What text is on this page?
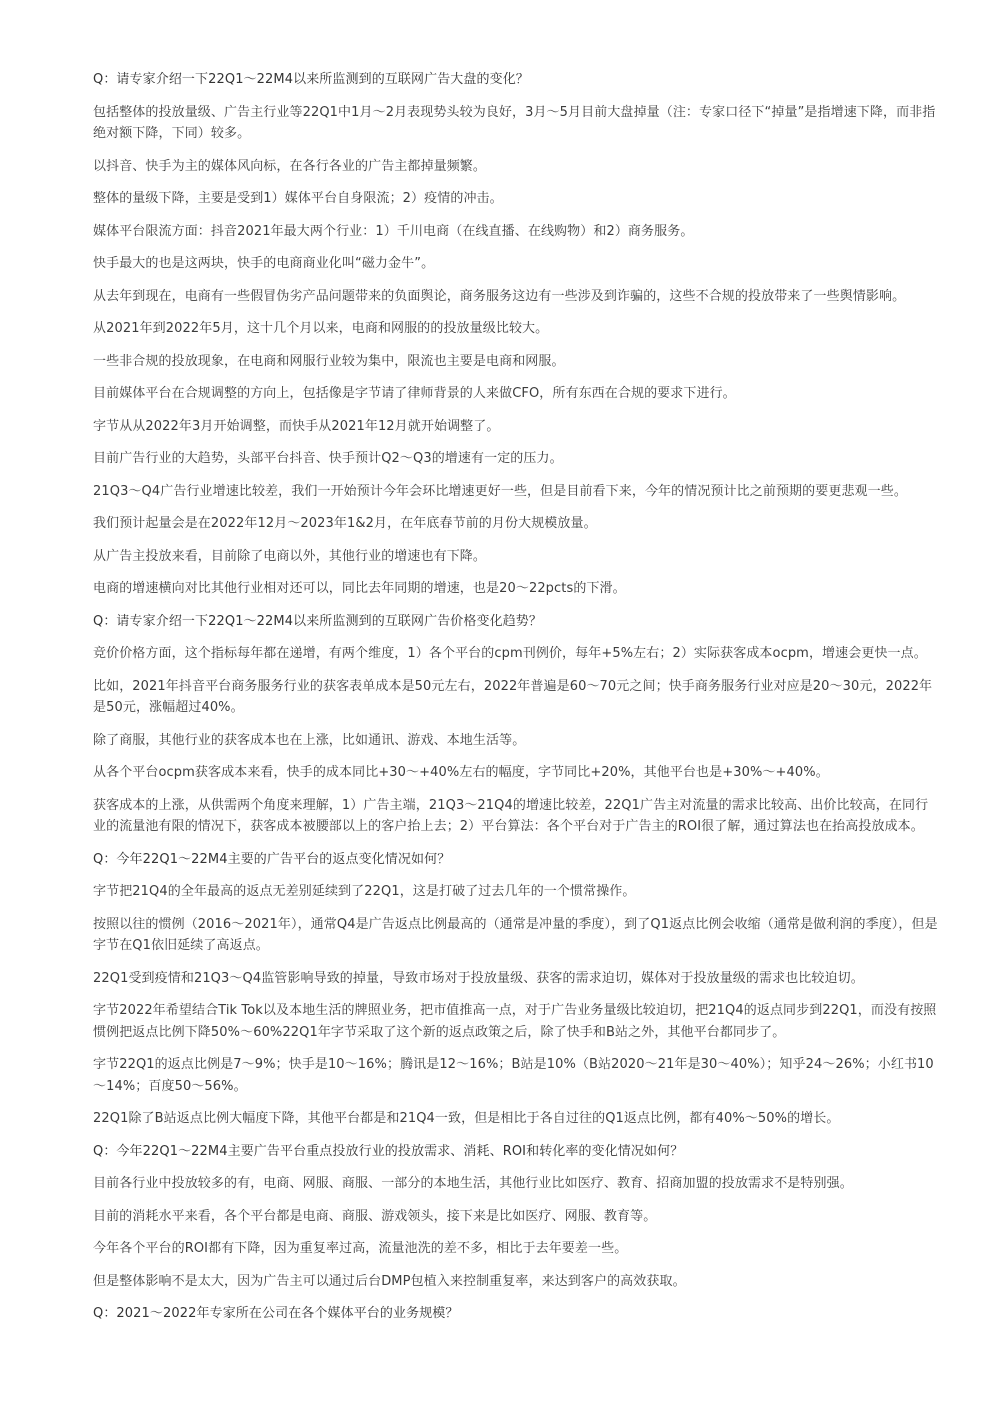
Q：请专家介绍一下22Q1～22M4以来所监测到的互联网广告大盘的变化？

包括整体的投放量级、广告主行业等22Q1中1月～2月表现势头较为良好，3月～5月目前大盘掉量（注：专家口径下“掉量”是指增速下降，而非指绝对额下降，下同）较多。

以抖音、快手为主的媒体风向标，在各行各业的广告主都掉量频繁。

整体的量级下降，主要是受到1）媒体平台自身限流；2）疫情的冲击。

媒体平台限流方面：抖音2021年最大两个行业：1）千川电商（在线直播、在线购物）和2）商务服务。

快手最大的也是这两块，快手的电商商业化叫“磁力金牛”。

从去年到现在，电商有一些假冒伪劣产品问题带来的负面舆论，商务服务这边有一些涉及到诈骗的，这些不合规的投放带来了一些舆情影响。

从2021年到2022年5月，这十几个月以来，电商和网服的的投放量级比较大。

一些非合规的投放现象，在电商和网服行业较为集中，限流也主要是电商和网服。

目前媒体平台在合规调整的方向上，包括像是字节请了律师背景的人来做CFO，所有东西在合规的要求下进行。

字节从从2022年3月开始调整，而快手从2021年12月就开始调整了。

目前广告行业的大趋势，头部平台抖音、快手预计Q2～Q3的增速有一定的压力。

21Q3～Q4广告行业增速比较差，我们一开始预计今年会环比增速更好一些，但是目前看下来，今年的情况预计比之前预期的要更悲观一些。

我们预计起量会是在2022年12月～2023年1&2月，在年底春节前的月份大规模放量。

从广告主投放来看，目前除了电商以外，其他行业的增速也有下降。

电商的增速横向对比其他行业相对还可以，同比去年同期的增速，也是20～22pcts的下滑。

Q：请专家介绍一下22Q1～22M4以来所监测到的互联网广告价格变化趋势？

竞价价格方面，这个指标每年都在递增，有两个维度，1）各个平台的cpm刊例价，每年+5%左右；2）实际获客成本ocpm，增速会更快一点。

比如，2021年抖音平台商务服务行业的获客表单成本是50元左右，2022年普遍是60～70元之间；快手商务服务行业对应是20～30元，2022年是50元，涨幅超过40%。

除了商服，其他行业的获客成本也在上涨，比如通讯、游戏、本地生活等。

从各个平台ocpm获客成本来看，快手的成本同比+30～+40%左右的幅度，字节同比+20%，其他平台也是+30%～+40%。

获客成本的上涨，从供需两个角度来理解，1）广告主端，21Q3～21Q4的增速比较差，22Q1广告主对流量的需求比较高、出价比较高，在同行业的流量池有限的情况下，获客成本被腰部以上的客户抬上去；2）平台算法：各个平台对于广告主的ROI很了解，通过算法也在抬高投放成本。

Q：今年22Q1～22M4主要的广告平台的返点变化情况如何？

字节把21Q4的全年最高的返点无差别延续到了22Q1，这是打破了过去几年的一个惯常操作。

按照以往的惯例（2016～2021年），通常Q4是广告返点比例最高的（通常是冲量的季度），到了Q1返点比例会收缩（通常是做利润的季度），但是字节在Q1依旧延续了高返点。

22Q1受到疫情和21Q3～Q4监管影响导致的掉量，导致市场对于投放量级、获客的需求迫切，媒体对于投放量级的需求也比较迫切。

字节2022年希望结合Tik Tok以及本地生活的牌照业务，把市值推高一点，对于广告业务量级比较迫切，把21Q4的返点同步到22Q1，而没有按照惯例把返点比例下降50%～60%22Q1年字节采取了这个新的返点政策之后，除了快手和B站之外，其他平台都同步了。

字节22Q1的返点比例是7～9%；快手是10～16%；腾讯是12～16%；B站是10%（B站2020～21年是30～40%）；知乎24～26%；小红书10～14%；百度50～56%。

22Q1除了B站返点比例大幅度下降，其他平台都是和21Q4一致，但是相比于各自过往的Q1返点比例，都有40%～50%的增长。

Q：今年22Q1～22M4主要广告平台重点投放行业的投放需求、消耗、ROI和转化率的变化情况如何？

目前各行业中投放较多的有，电商、网服、商服、一部分的本地生活，其他行业比如医疗、教育、招商加盟的投放需求不是特别强。

目前的消耗水平来看，各个平台都是电商、商服、游戏领头，接下来是比如医疗、网服、教育等。

今年各个平台的ROI都有下降，因为重复率过高，流量池洗的差不多，相比于去年要差一些。

但是整体影响不是太大，因为广告主可以通过后台DMP包植入来控制重复率，来达到客户的高效获取。

Q：2021～2022年专家所在公司在各个媒体平台的业务规模？
